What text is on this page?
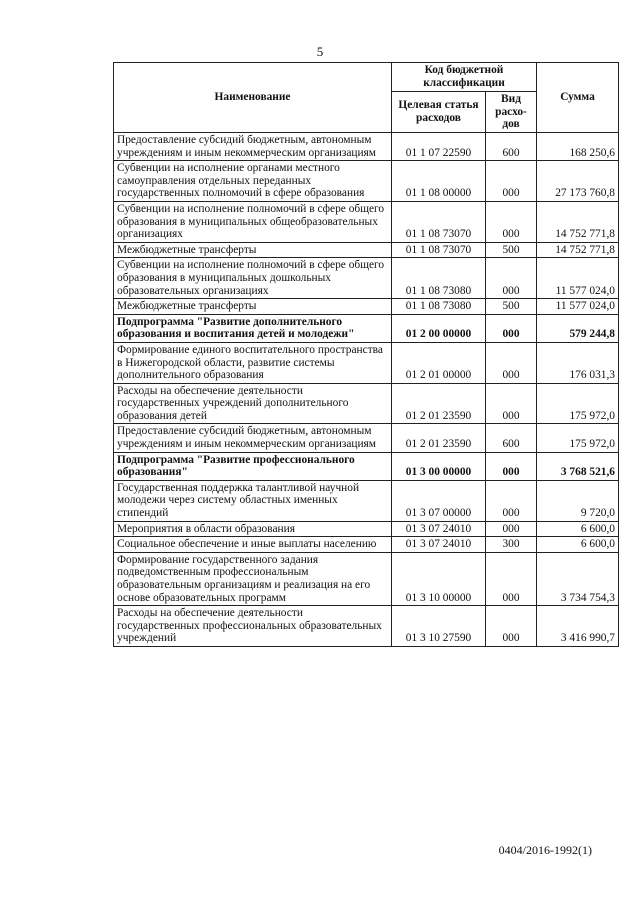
5
Наименование	Код бюджетной классификации		Сумма
	Целевая статья расходов	Вид расхо-дов	
Предоставление субсидий бюджетным, автономным учреждениям и иным некоммерческим организациям	01 1 07 22590	600	168 250,6
Субвенции на исполнение органами местного самоуправления отдельных переданных государственных полномочий в сфере образования	01 1 08 00000	000	27 173 760,8
Субвенции на исполнение полномочий в сфере общего образования в муниципальных общеобразовательных организациях	01 1 08 73070	000	14 752 771,8
Межбюджетные трансферты	01 1 08 73070	500	14 752 771,8
Субвенции на исполнение полномочий в сфере общего образования в муниципальных дошкольных образовательных организациях	01 1 08 73080	000	11 577 024,0
Межбюджетные трансферты	01 1 08 73080	500	11 577 024,0
Подпрограмма "Развитие дополнительного образования и воспитания детей и молодежи"	01 2 00 00000	000	579 244,8
Формирование единого воспитательного пространства в Нижегородской области, развитие системы дополнительного образования	01 2 01 00000	000	176 031,3
Расходы на обеспечение деятельности государственных учреждений дополнительного образования детей	01 2 01 23590	000	175 972,0
Предоставление субсидий бюджетным, автономным учреждениям и иным некоммерческим организациям	01 2 01 23590	600	175 972,0
Подпрограмма "Развитие профессионального образования"	01 3 00 00000	000	3 768 521,6
Государственная поддержка талантливой научной молодежи через систему областных именных стипендий	01 3 07 00000	000	9 720,0
Мероприятия в области образования	01 3 07 24010	000	6 600,0
Социальное обеспечение и иные выплаты населению	01 3 07 24010	300	6 600,0
Формирование государственного задания подведомственным профессиональным образовательным организациям и реализация на его основе образовательных программ	01 3 10 00000	000	3 734 754,3
Расходы на обеспечение деятельности государственных профессиональных образовательных учреждений	01 3 10 27590	000	3 416 990,7
0404/2016-1992(1)
